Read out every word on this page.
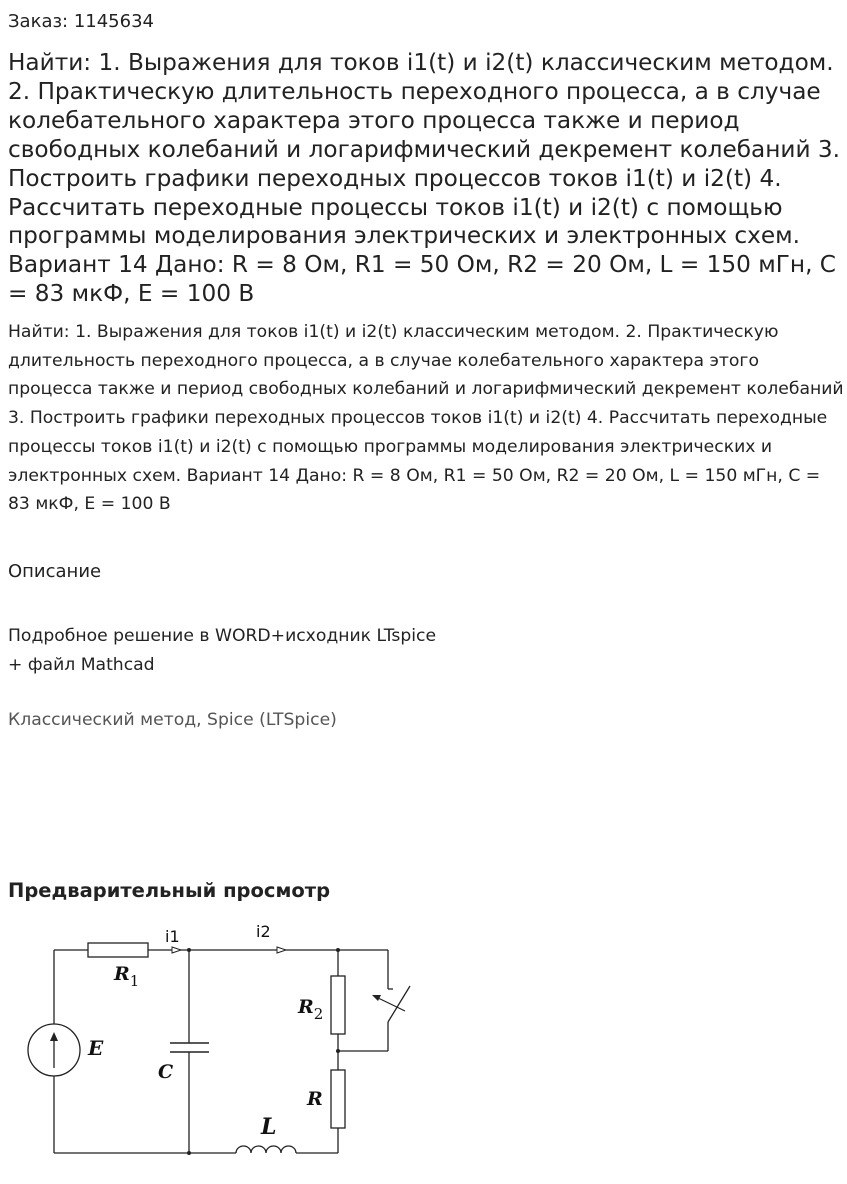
Заказ: 1145634
Найти: 1. Выражения для токов i1(t) и i2(t) классическим методом. 2. Практическую длительность переходного процесса, а в случае колебательного характера этого процесса также и период свободных колебаний и логарифмический декремент колебаний 3. Построить графики переходных процессов токов i1(t) и i2(t) 4. Рассчитать переходные процессы токов i1(t) и i2(t) с помощью программы моделирования электрических и электронных схем. Вариант 14 Дано: R = 8 Ом, R1 = 50 Ом, R2 = 20 Ом, L = 150 мГн, C = 83 мкФ, E = 100 В

Найти: 1. Выражения для токов i1(t) и i2(t) классическим методом. 2. Практическую длительность переходного процесса, а в случае колебательного характера этого процесса также и период свободных колебаний и логарифмический декремент колебаний 3. Построить графики переходных процессов токов i1(t) и i2(t) 4. Рассчитать переходные процессы токов i1(t) и i2(t) с помощью программы моделирования электрических и электронных схем. Вариант 14 Дано: R = 8 Ом, R1 = 50 Ом, R2 = 20 Ом, L = 150 мГн, C = 83 мкФ, E = 100 В

Описание
Подробное решение в WORD+исходник LTspice
+ файл Mathcad
Классический метод, Spice (LTSpice)
Предварительный просмотр
E
$R_1$
i1	i2
C
L
$R_2$
R
